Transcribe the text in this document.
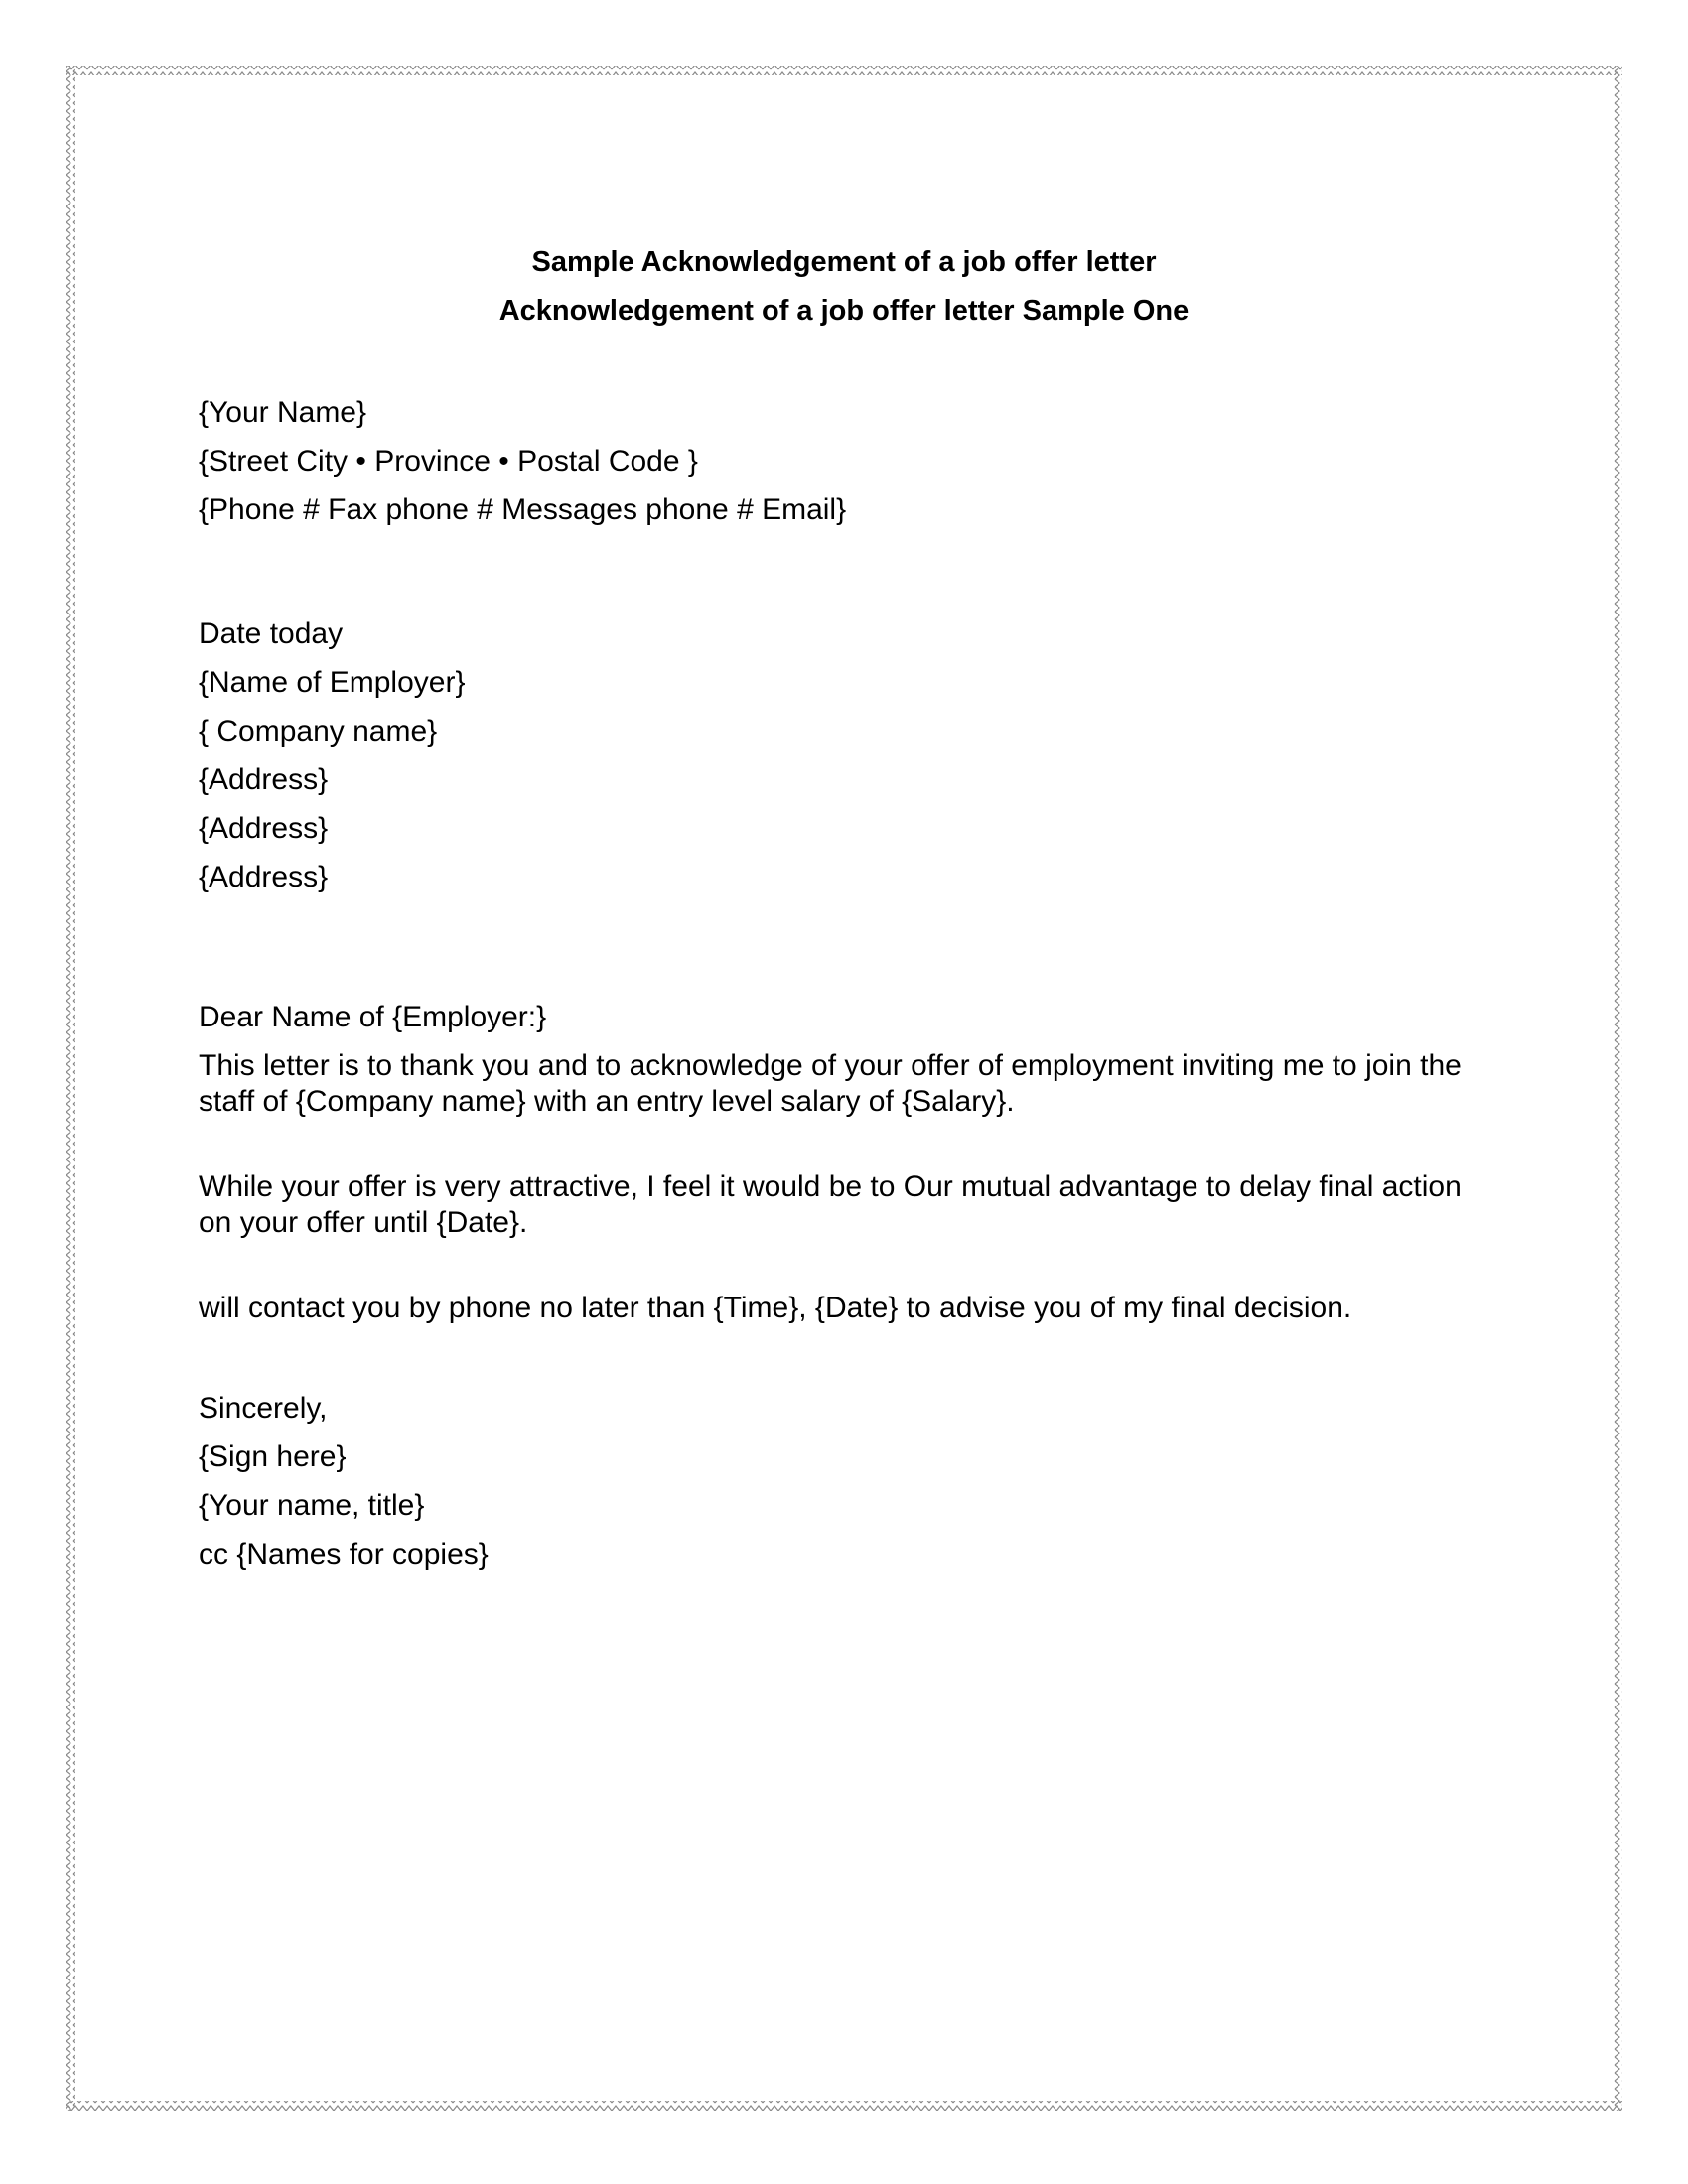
Sample Acknowledgement of a job offer letter
Acknowledgement of a job offer letter Sample One
{Your Name}
{Street City • Province • Postal Code }
{Phone # Fax phone # Messages phone # Email}
Date today
{Name of Employer}
{ Company name}
{Address}
{Address}
{Address}
Dear Name of {Employer:}
This letter is to thank you and to acknowledge of your offer of employment inviting me to join the staff of {Company name} with an entry level salary of {Salary}.
While your offer is very attractive, I feel it would be to Our mutual advantage to delay final action on your offer until {Date}.
will contact you by phone no later than {Time}, {Date} to advise you of my final decision.
Sincerely,
{Sign here}
{Your name, title}
cc {Names for copies}
